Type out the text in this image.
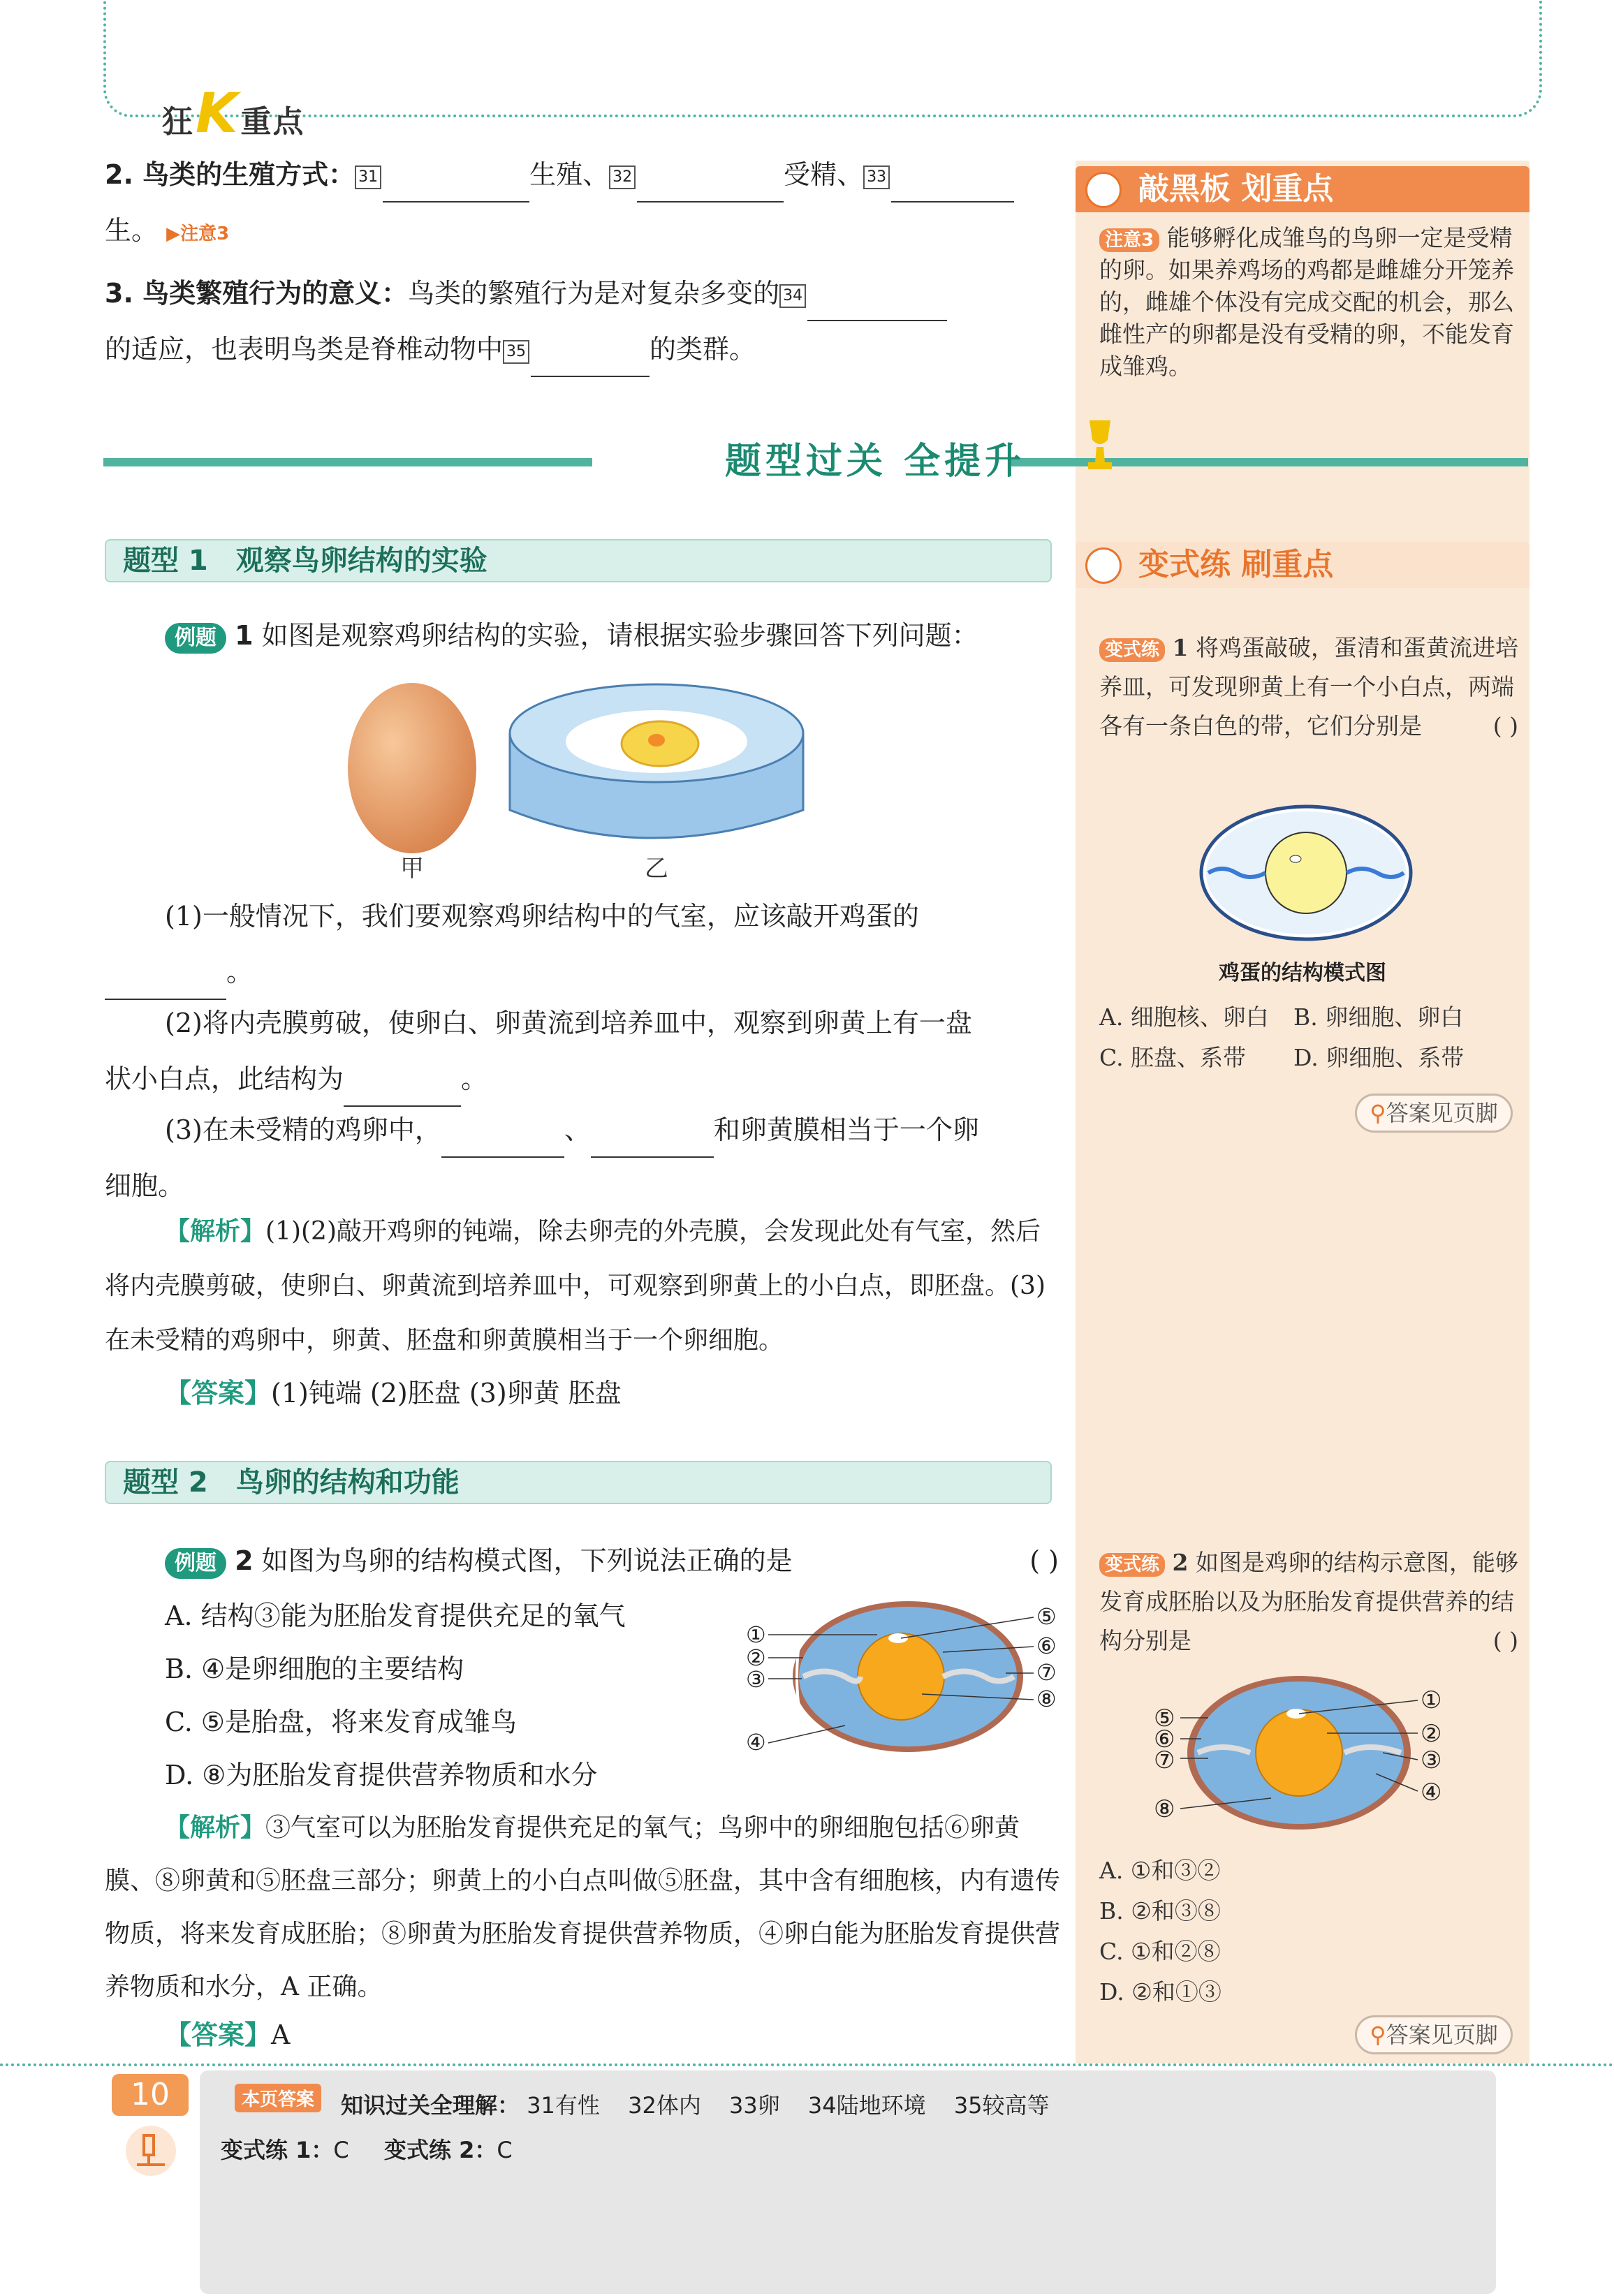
狂K重点
2. 鸟类的生殖方式： 31	生殖、 32	受精、 33
生。 ▶注意3
3. 鸟类繁殖行为的意义：鸟类的繁殖行为是对复杂多变的 34
的适应，也表明鸟类是脊椎动物中 35	的类群。
敲黑板 划重点
注意3 能够孵化成雏鸟的鸟卵一定是受精的卵。如果养鸡场的鸡都是雌雄分开笼养的，雌雄个体没有完成交配的机会，那么雌性产的卵都是没有受精的卵，不能发育成雏鸡。
题型过关 全提升
题型 1 观察鸟卵结构的实验	变式练 刷重点
例题 1 如图是观察鸡卵结构的实验，请根据实验步骤回答下列问题：
甲	乙
(1)一般情况下，我们要观察鸡卵结构中的气室，应该敲开鸡蛋的
。
(2)将内壳膜剪破，使卵白、卵黄流到培养皿中，观察到卵黄上有一盘
状小白点，此结构为	。
(3)在未受精的鸡卵中，	、	和卵黄膜相当于一个卵
细胞。
【解析】(1)(2)敲开鸡卵的钝端，除去卵壳的外壳膜，会发现此处有气室，然后将内壳膜剪破，使卵白、卵黄流到培养皿中，可观察到卵黄上的小白点，即胚盘。(3)在未受精的鸡卵中，卵黄、胚盘和卵黄膜相当于一个卵细胞。
【答案】(1)钝端 (2)胚盘 (3)卵黄 胚盘
变式练 1 将鸡蛋敲破，蛋清和蛋黄流进培养皿，可发现卵黄上有一个小白点，两端各有一条白色的带，它们分别是	( )
鸡蛋的结构模式图
A. 细胞核、卵白 B. 卵细胞、卵白
C. 胚盘、系带 D. 卵细胞、系带
⚲答案见页脚
题型 2 鸟卵的结构和功能
例题 2 如图为鸟卵的结构模式图，下列说法正确的是	( )
A. 结构③能为胚胎发育提供充足的氧气
B. ④是卵细胞的主要结构
C. ⑤是胎盘，将来发育成雏鸟
D. ⑧为胚胎发育提供营养物质和水分
①
②
③
④
⑤
⑥
⑦
⑧
【解析】③气室可以为胚胎发育提供充足的氧气；鸟卵中的卵细胞包括⑥卵黄膜、⑧卵黄和⑤胚盘三部分；卵黄上的小白点叫做⑤胚盘，其中含有细胞核，内有遗传物质，将来发育成胚胎；⑧卵黄为胚胎发育提供营养物质，④卵白能为胚胎发育提供营养物质和水分，A 正确。
【答案】A
变式练 2 如图是鸡卵的结构示意图，能够发育成胚胎以及为胚胎发育提供营养的结构分别是	( )
⑤
⑥
⑦
⑧
①
②
③
④
A. ①和③②
B. ②和③⑧
C. ①和②⑧
D. ②和①③
⚲答案见页脚
10	本页答案	知识过关全理解： 31有性 32体内 33卵 34陆地环境 35较高等
变式练 1：C 变式练 2：C
